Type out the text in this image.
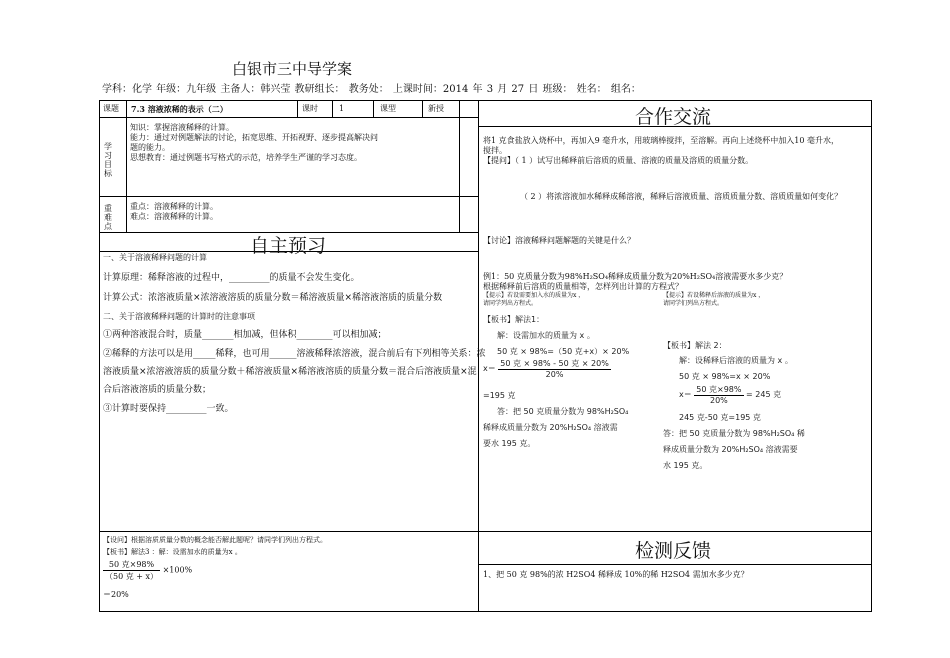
白银市三中导学案
学科：化学 年级：九年级 主备人：韩兴莹 教研组长： 教务处： 上课时间：2014 年 3 月 27 日 班级： 姓名： 组名：
课题 7.3 溶液浓稀的表示（二）	课时	1	课型	新授
学习目标
知识：掌握溶液稀释的计算。
能力：通过对例题解法的讨论，拓宽思维、开拓视野、逐步提高解决问
题的能力。
思想教育：通过例题书写格式的示范，培养学生严谨的学习态度。
重难点
重点：溶液稀释的计算。
难点：溶液稀释的计算。
自主预习
一、关于溶液稀释问题的计算
计算原理：稀释溶液的过程中，_________的质量不会发生变化。
计算公式：浓溶液质量×浓溶液溶质的质量分数＝稀溶液质量×稀溶液溶质的质量分数
二、关于溶液稀释问题的计算时的注意事项
①两种溶液混合时，质量_______相加减，但体积________可以相加减；
②稀释的方法可以是用_____稀释，也可用______溶液稀释浓溶液，混合前后有下列相等关系：浓
溶液质量×浓溶液溶质的质量分数＋稀溶液质量×稀溶液溶质的质量分数＝混合后溶液质量×混
合后溶液溶质的质量分数；
③计算时要保持_________一致。
【设问】根据溶质质量分数的概念能否解此题呢？请同学们列出方程式。
【板书】解法3 ：解：设需加水的质量为x 。
$\frac{\text{50 克×98\%}}{\text{（50 克 + x）}} \times 100\%$
＝20%
合作交流
将1 克食盐放入烧杯中，再加入9 毫升水，用玻璃棒搅拌，至溶解。再向上述烧杯中加入10 毫升水，
搅拌。
【提问】（ 1 ）试写出稀释前后溶质的质量、溶液的质量及溶质的质量分数。
（ 2 ）将浓溶液加水稀释成稀溶液，稀释后溶液质量、溶质质量分数、溶质质量如何变化？
【讨论】溶液稀释问题解题的关键是什么？
例1：50 克质量分数为98%H₂SO₄稀释成质量分数为20%H₂SO₄溶液需要水多少克？
根据稀释前后溶质的质量相等，怎样列出计算的方程式？
【提示】若设需要加入水的质量为x ，
请同学列出方程式。
【提示】若设稀释后溶液的质量为x ，
请同学们列出方程式。
【板书】解法1：
解：设需加水的质量为 x 。
50 克 × 98%=（50 克+x）× 20%
$x= \frac{\text{50 克 × 98\% - 50 克 × 20\%}}{20\%}$
=195 克
答：把 50 克质量分数为 98%H₂SO₄
稀释成质量分数为 20%H₂SO₄ 溶液需
要水 195 克。
【板书】解法 2：
解：设稀释后溶液的质量为 x 。
50 克 × 98%=x × 20%
$x= \frac{\text{50 克×98\%}}{20\%} = 245$ 克
245 克-50 克=195 克
答：把 50 克质量分数为 98%H₂SO₄ 稀
释成质量分数为 20%H₂SO₄ 溶液需要
水 195 克。
检测反馈
1、把 50 克 98%的浓 H2SO4 稀释成 10%的稀 H2SO4 需加水多少克？
